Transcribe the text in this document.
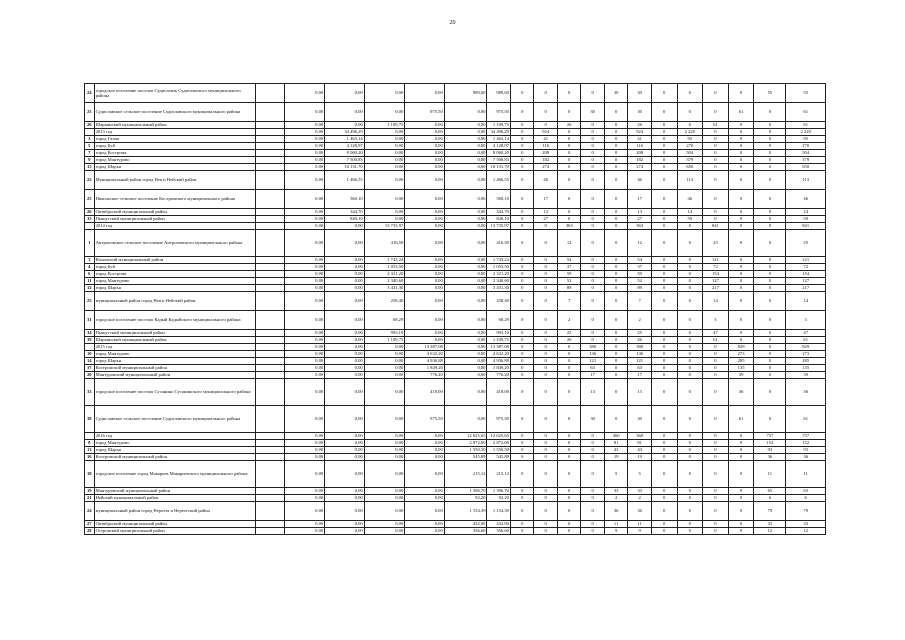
20
24	городское поселение поселок Судиславль Судиславского муниципального района		0,00	0,00	0,00	0,00	989,60	989,60	0	0	0	0	30	30	0	0	0	0	55	55
25	Судиславское сельское поселение Судиславского муниципального района		0,00	0,00	0,00	975,50	0,00	975,50	0	0	0	30	0	30	0	0	0	61	0	61
26	Шарьинский муниципальный район		0,00	0,00	1 109,75	0,00	0,00	1 109,75	0	0	26	0	0	26	0	0	61	0	0	61
	2013 год		0,00	34 496,29	0,00	0,00	0,00	34 496,29	0	924	0	0	0	924	0	2 220	0	0	0	2 220
3	город Галич		0,00	1 463,14	0,00	0,00	0,00	1 463,14	0	41	0	0	0	41	0	95	0	0	0	95
5	город Буй		0,00	4 128,97	0,00	0,00	0,00	4 128,97	0	116	0	0	0	116	0	270	0	0	0	270
7	город Кострома		0,00	8 060,20	0,00	0,00	0,00	8 060,20	0	208	0	0	0	208	0	504	0	0	0	504
9	город Мантурово		0,00	7 500,83	0,00	0,00	0,00	7 500,83	0	182	0	0	0	182	0	379	0	0	0	379
15	город Шарья		0,00	10 131,70	0,00	0,00	0,00	10 131,70	0	274	0	0	0	274	0	650	0	0	0	650
22	Муниципальный район город Нея и Нейский район		0,00	1 466,55	0,00	0,00	0,00	1 466,55	0	46	0	0	0	46	0	113	0	0	0	113
25	Никольское сельское поселение Костромского муниципального района		0,00	560,10	0,00	0,00	0,00	560,10	0	17	0	0	0	17	0	46	0	0	0	46
26	Октябрьский муниципальный район		0,00	344,70	0,00	0,00	0,00	344,70	0	13	0	0	0	13	0	14	0	0	0	14
35	Пыщугский муниципальный район		0,00	840,10	0,00	0,00	0,00	840,10	0	27	0	0	0	27	0	59	0	0	0	59
	2014 год		0,00	0,00	13 735,97	0,00	0,00	13 735,97	0	0	363	0	0	363	0	0	841	0	0	841
1	Антроповское сельское поселение Антроповского муниципального района		0,00	0,00	416,50	0,00	0,00	416,50	0	0	12	0	0	12	0	0	25	0	0	25
3	Вохомский муниципальный район		0,00	0,00	1 743,24	0,00	0,00	1 743,24	0	0	54	0	0	54	0	0	121	0	0	121
4	город Буй		0,00	0,00	1 053,50	0,00	0,00	1 053,50	0	0	37	0	0	37	0	0	72	0	0	72
6	город Кострома		0,00	0,00	2 321,20	0,00	0,00	2 321,20	0	0	59	0	0	59	0	0	154	0	0	154
11	город Мантурово		0,00	0,00	2 340,60	0,00	0,00	2 340,60	0	0	52	0	0	52	0	0	127	0	0	127
12	город Шарья		0,00	0,00	3 431,30	0,00	0,00	3 431,30	0	0	89	0	0	89	0	0	217	0	0	217
23	муниципальный район город Нея и Нейский район		0,00	0,00	258,40	0,00	0,00	258,40	0	0	7	0	0	7	0	0	14	0	0	14
31	городское поселение поселок Кадый Кадыйского муниципального района		0,00	0,00	68,29	0,00	0,00	68,29	0	0	2	0	0	2	0	0	3	0	0	3
34	Пыщугский муниципальный район		0,00	0,00	993,10	0,00	0,00	993,10	0	0	25	0	0	25	0	0	47	0	0	47
39	Шарьинский муниципальный район		0,00	0,00	1 109,75	0,00	0,00	1 109,75	0	0	26	0	0	26	0	0	61	0	0	61
	2015 год		0,00	0,00	0,00	13 387,08	0,00	13 387,08	0	0	0	380	0	380	0	0	0	829	0	829
10	город Мантурово		0,00	0,00	0,00	4 632,20	0,00	4 632,20	0	0	0	136	0	136	0	0	0	273	0	273
14	город Шарья		0,00	0,00	0,00	4 936,88	0,00	4 936,88	0	0	0	121	0	121	0	0	0	285	0	285
17	Костромской муниципальный район		0,00	0,00	0,00	1 849,20	0,00	1 849,20	0	0	0	63	0	63	0	0	0	135	0	135
20	Мантуровский муниципальный район		0,00	0,00	0,00	776,20	0,00	776,20	0	0	0	17	0	17	0	0	0	39	0	39
33	городское поселение поселок Сусанино Сусанинского муниципального района		0,00	0,00	0,00	418,00	0,00	418,00	0	0	0	13	0	13	0	0	0	36	0	36
38	Судиславское сельское поселение Судиславского муниципального района		0,00	0,00	0,00	975,50	0,00	975,50	0	0	0	30	0	30	0	0	0	61	0	61
	2016 год		0,00	0,00	0,00	0,00	12 625,65	12 625,65	0	0	0	0	360	360	0	0	0	0	757	757
8	город Мантурово		0,00	0,00	0,00	0,00	2 872,00	2 872,00	0	0	0	0	81	81	0	0	0	0	152	152
13	город Шарья		0,00	0,00	0,00	0,00	1 550,50	1 550,50	0	0	0	0	43	43	0	0	0	0	93	93
16	Костромской муниципальный район		0,00	0,00	0,00	0,00	545,89	545,89	0	0	0	0	19	19	0	0	0	0	36	36
18	городское поселение город Макарьев Макарьевского муниципального района		0,00	0,00	0,00	0,00	215,12	215,12	0	0	0	0	5	5	0	0	0	0	11	11
19	Мантуровский муниципальный район		0,00	0,00	0,00	0,00	1 396,70	1 396,70	0	0	0	0	33	33	0	0	0	0	65	65
21	Нейский муниципальный район		0,00	0,00	0,00	0,00	92,20	92,20	0	0	0	0	2	2	0	0	0	0	6	6
24	муниципальный район город Нерехта и Нерехтский район		0,00	0,00	0,00	0,00	1 154,39	1 154,39	0	0	0	0	36	36	0	0	0	0	79	79
27	Октябрьский муниципальный район		0,00	0,00	0,00	0,00	432,00	432,00	0	0	0	0	11	11	0	0	0	0	33	33
28	Островский муниципальный район		0,00	0,00	0,00	0,00	356,60	356,60	0	0	0	0	9	9	0	0	0	0	12	12
